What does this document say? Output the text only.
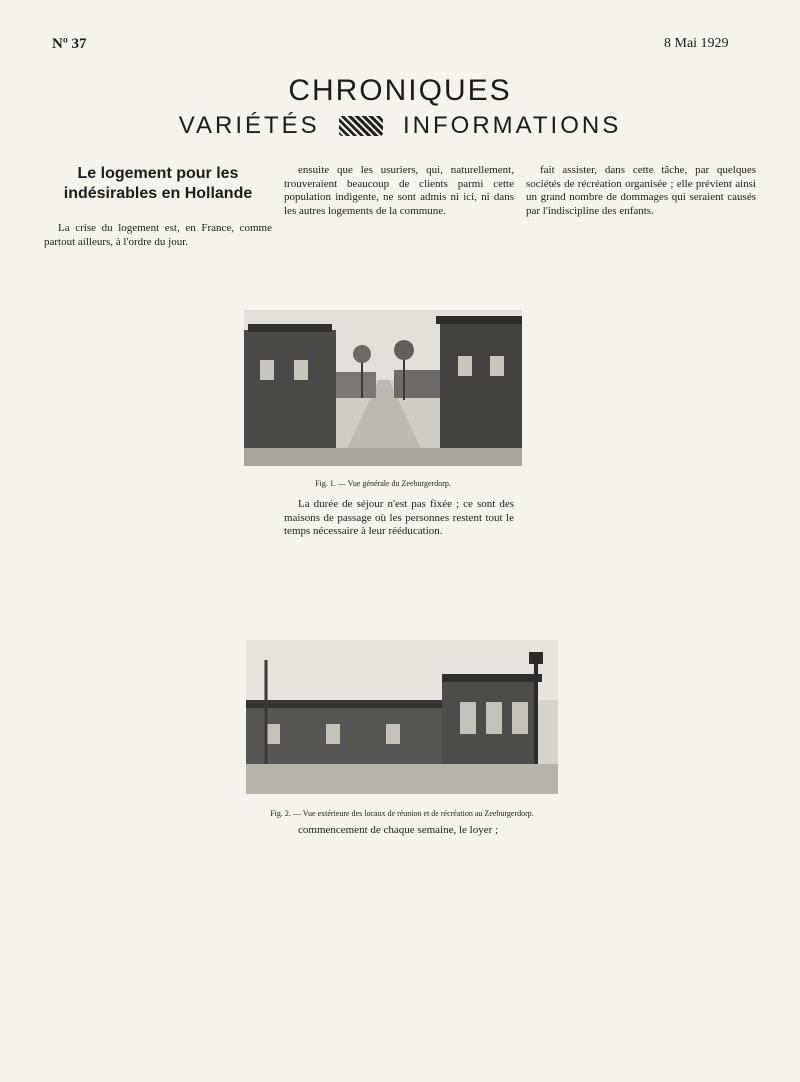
Nº 37	8 Mai 1929
CHRONIQUES
VARIÉTÉS	INFORMATIONS
Le logement pour les indésirables en Hollande

La crise du logement est, en France, comme partout ailleurs, à l'ordre du jour.

ensuite que les usuriers, qui, naturellement, trouveraient beaucoup de clients parmi cette population indigente, ne sont admis ni ici, ni dans les autres logements de la commune.

Fig. 1. — Vue générale du Zeeburgerdorp.

La durée de séjour n'est pas fixée ; ce sont des maisons de passage où les personnes restent tout le temps nécessaire à leur rééducation.

Fig. 2. — Vue extérieure des locaux de réunion et de récréation au Zeeburgerdorp.

commencement de chaque semaine, le loyer ;

fait assister, dans cette tâche, par quelques sociétés de récréation organisée ; elle prévient ainsi un grand nombre de dommages qui seraient causés par l'indiscipline des enfants.
